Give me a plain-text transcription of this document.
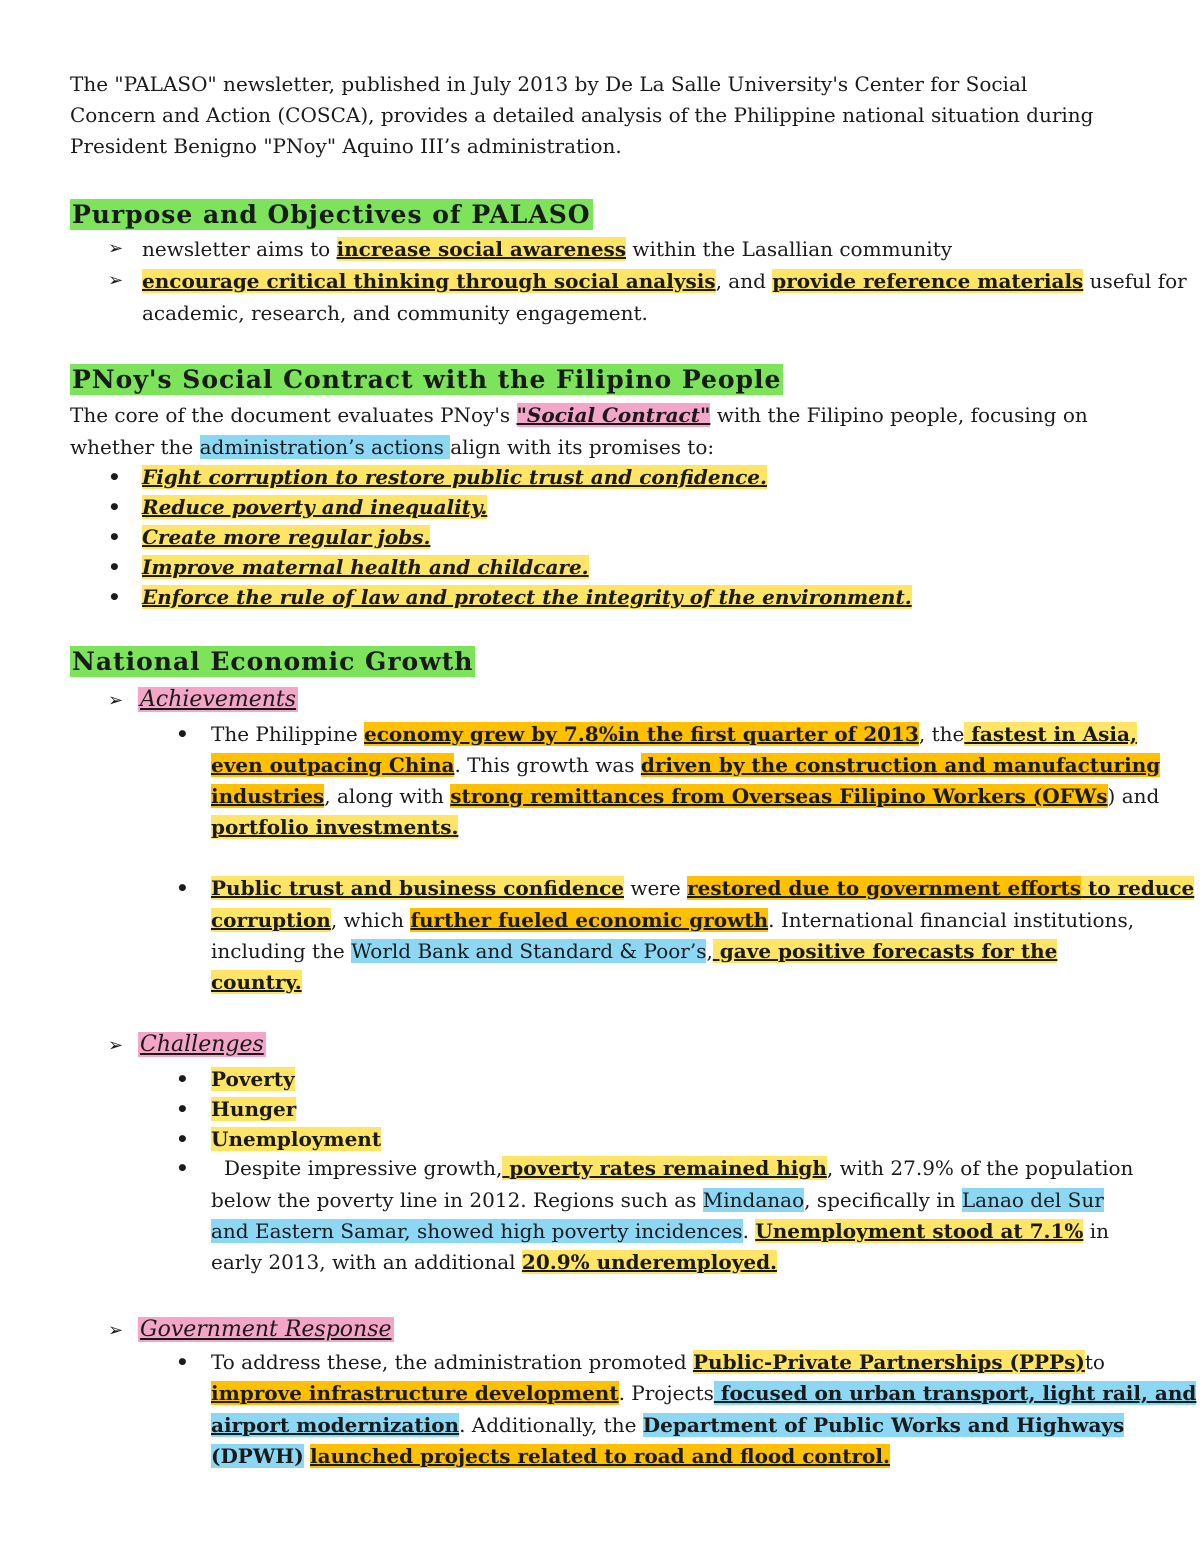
The "PALASO" newsletter, published in July 2013 by De La Salle University's Center for Social
Concern and Action (COSCA), provides a detailed analysis of the Philippine national situation during
President Benigno "PNoy" Aquino III’s administration.
Purpose and Objectives of PALASO
➢ newsletter aims to increase social awareness within the Lasallian community
➢ encourage critical thinking through social analysis, and provide reference materials useful for
academic, research, and community engagement.
PNoy's Social Contract with the Filipino People
The core of the document evaluates PNoy's "Social Contract" with the Filipino people, focusing on
whether the administration’s actions align with its promises to:
• Fight corruption to restore public trust and confidence.
• Reduce poverty and inequality.
• Create more regular jobs.
• Improve maternal health and childcare.
• Enforce the rule of law and protect the integrity of the environment.
National Economic Growth
➢ Achievements
• The Philippine economy grew by 7.8%in the first quarter of 2013, the fastest in Asia,
even outpacing China. This growth was driven by the construction and manufacturing
industries, along with strong remittances from Overseas Filipino Workers (OFWs) and
portfolio investments.
• Public trust and business confidence were restored due to government efforts to reduce
corruption, which further fueled economic growth. International financial institutions,
including the World Bank and Standard & Poor’s, gave positive forecasts for the
country.
➢ Challenges
• Poverty
• Hunger
• Unemployment
• Despite impressive growth, poverty rates remained high, with 27.9% of the population
below the poverty line in 2012. Regions such as Mindanao, specifically in Lanao del Sur
and Eastern Samar, showed high poverty incidences. Unemployment stood at 7.1% in
early 2013, with an additional 20.9% underemployed.
➢ Government Response
• To address these, the administration promoted Public-Private Partnerships (PPPs)to
improve infrastructure development. Projects focused on urban transport, light rail, and
airport modernization. Additionally, the Department of Public Works and Highways
(DPWH) launched projects related to road and flood control.
